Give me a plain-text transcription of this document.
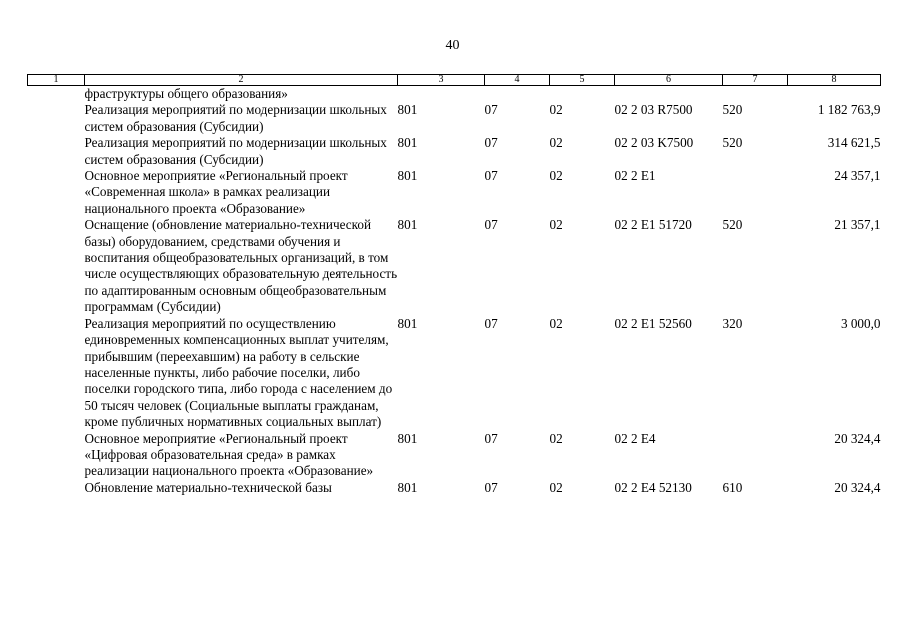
40
1	2	3	4	5	6	7	8
	фраструктуры общего образования»						
	Реализация мероприятий по модернизации школьных систем образования (Субсидии)	801	07	02	02 2 03 R7500	520	1 182 763,9
	Реализация мероприятий по модернизации школьных систем образования (Субсидии)	801	07	02	02 2 03 K7500	520	314 621,5
	Основное мероприятие «Региональный проект «Современная школа» в рамках реализации национального проекта «Образование»	801	07	02	02 2 E1		24 357,1
	Оснащение (обновление материально-технической базы) оборудованием, средствами обучения и воспитания общеобразовательных организаций, в том числе осуществляющих образовательную деятельность по адаптированным основным общеобразовательным программам (Субсидии)	801	07	02	02 2 E1 51720	520	21 357,1
	Реализация мероприятий по осуществлению единовременных компенсационных выплат учителям, прибывшим (переехавшим) на работу в сельские населенные пункты, либо рабочие поселки, либо поселки городского типа, либо города с населением до 50 тысяч человек (Социальные выплаты гражданам, кроме публичных нормативных социальных выплат)	801	07	02	02 2 E1 52560	320	3 000,0
	Основное мероприятие «Региональный проект «Цифровая образовательная среда» в рамках реализации национального проекта «Образование»	801	07	02	02 2 E4		20 324,4
	Обновление материально-технической базы	801	07	02	02 2 E4 52130	610	20 324,4
